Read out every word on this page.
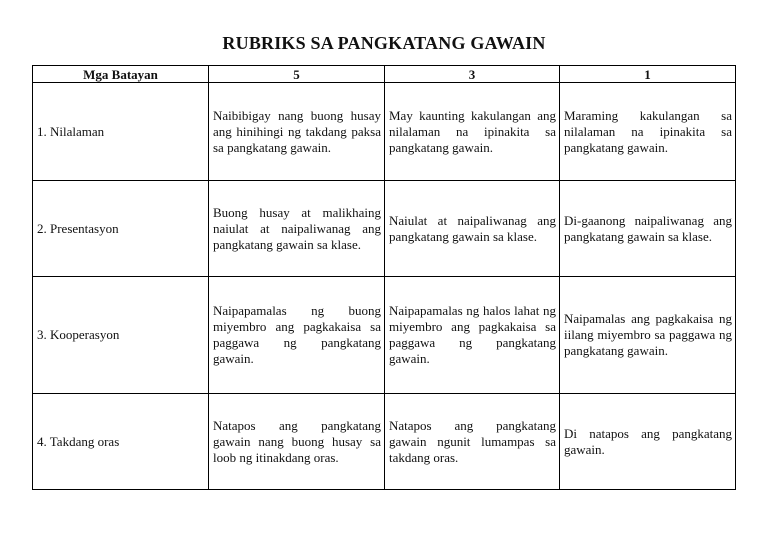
RUBRIKS SA PANGKATANG GAWAIN
Mga Batayan	5	3	1
1. Nilalaman	Naibibigay nang buong husay ang hinihingi ng takdang paksa sa pangkatang gawain.	May kaunting kakulangan ang nilalaman na ipinakita sa pangkatang gawain.	Maraming kakulangan sa nilalaman na ipinakita sa pangkatang gawain.
2. Presentasyon	Buong husay at malikhaing naiulat at naipaliwanag ang pangkatang gawain sa klase.	Naiulat at naipaliwanag ang pangkatang gawain sa klase.	Di-gaanong naipaliwanag ang pangkatang gawain sa klase.
3. Kooperasyon	Naipapamalas ng buong miyembro ang pagkakaisa sa paggawa ng pangkatang gawain.	Naipapamalas ng halos lahat ng miyembro ang pagkakaisa sa paggawa ng pangkatang gawain.	Naipamalas ang pagkakaisa ng iilang miyembro sa paggawa ng pangkatang gawain.
4. Takdang oras	Natapos ang pangkatang gawain nang buong husay sa loob ng itinakdang oras.	Natapos ang pangkatang gawain ngunit lumampas sa takdang oras.	Di natapos ang pangkatang gawain.
